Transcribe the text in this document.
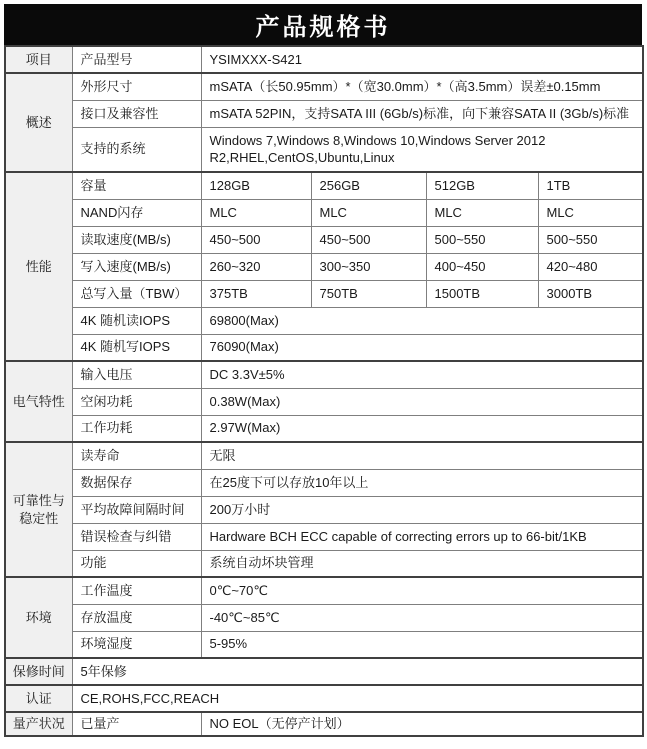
产品规格书
项目	产品型号	YSIMXXX-S421			
概述	外形尺寸	mSATA（长50.95mm）*（宽30.0mm）*（高3.5mm）误差±0.15mm			
	接口及兼容性	mSATA 52PIN，支持SATA III (6Gb/s)标准，向下兼容SATA II (3Gb/s)标准			
	支持的系统	Windows 7,Windows 8,Windows 10,Windows Server 2012 R2,RHEL,CentOS,Ubuntu,Linux			
性能	容量	128GB	256GB	512GB	1TB
	NAND闪存	MLC	MLC	MLC	MLC
	读取速度(MB/s)	450~500	450~500	500~550	500~550
	写入速度(MB/s)	260~320	300~350	400~450	420~480
	总写入量（TBW）	375TB	750TB	1500TB	3000TB
	4K 随机读IOPS	69800(Max)			
	4K 随机写IOPS	76090(Max)			
电气特性	输入电压	DC 3.3V±5%			
	空闲功耗	0.38W(Max)			
	工作功耗	2.97W(Max)			
可靠性与稳定性	读寿命	无限			
	数据保存	在25度下可以存放10年以上			
	平均故障间隔时间	200万小时			
	错误检查与纠错	Hardware BCH ECC capable of correcting errors up to 66-bit/1KB			
	功能	系统自动坏块管理			
环境	工作温度	0℃~70℃			
	存放温度	-40℃~85℃			
	环境湿度	5-95%			
保修时间	5年保修				
认证	CE,ROHS,FCC,REACH				
量产状况	已量产	NO EOL（无停产计划）			
